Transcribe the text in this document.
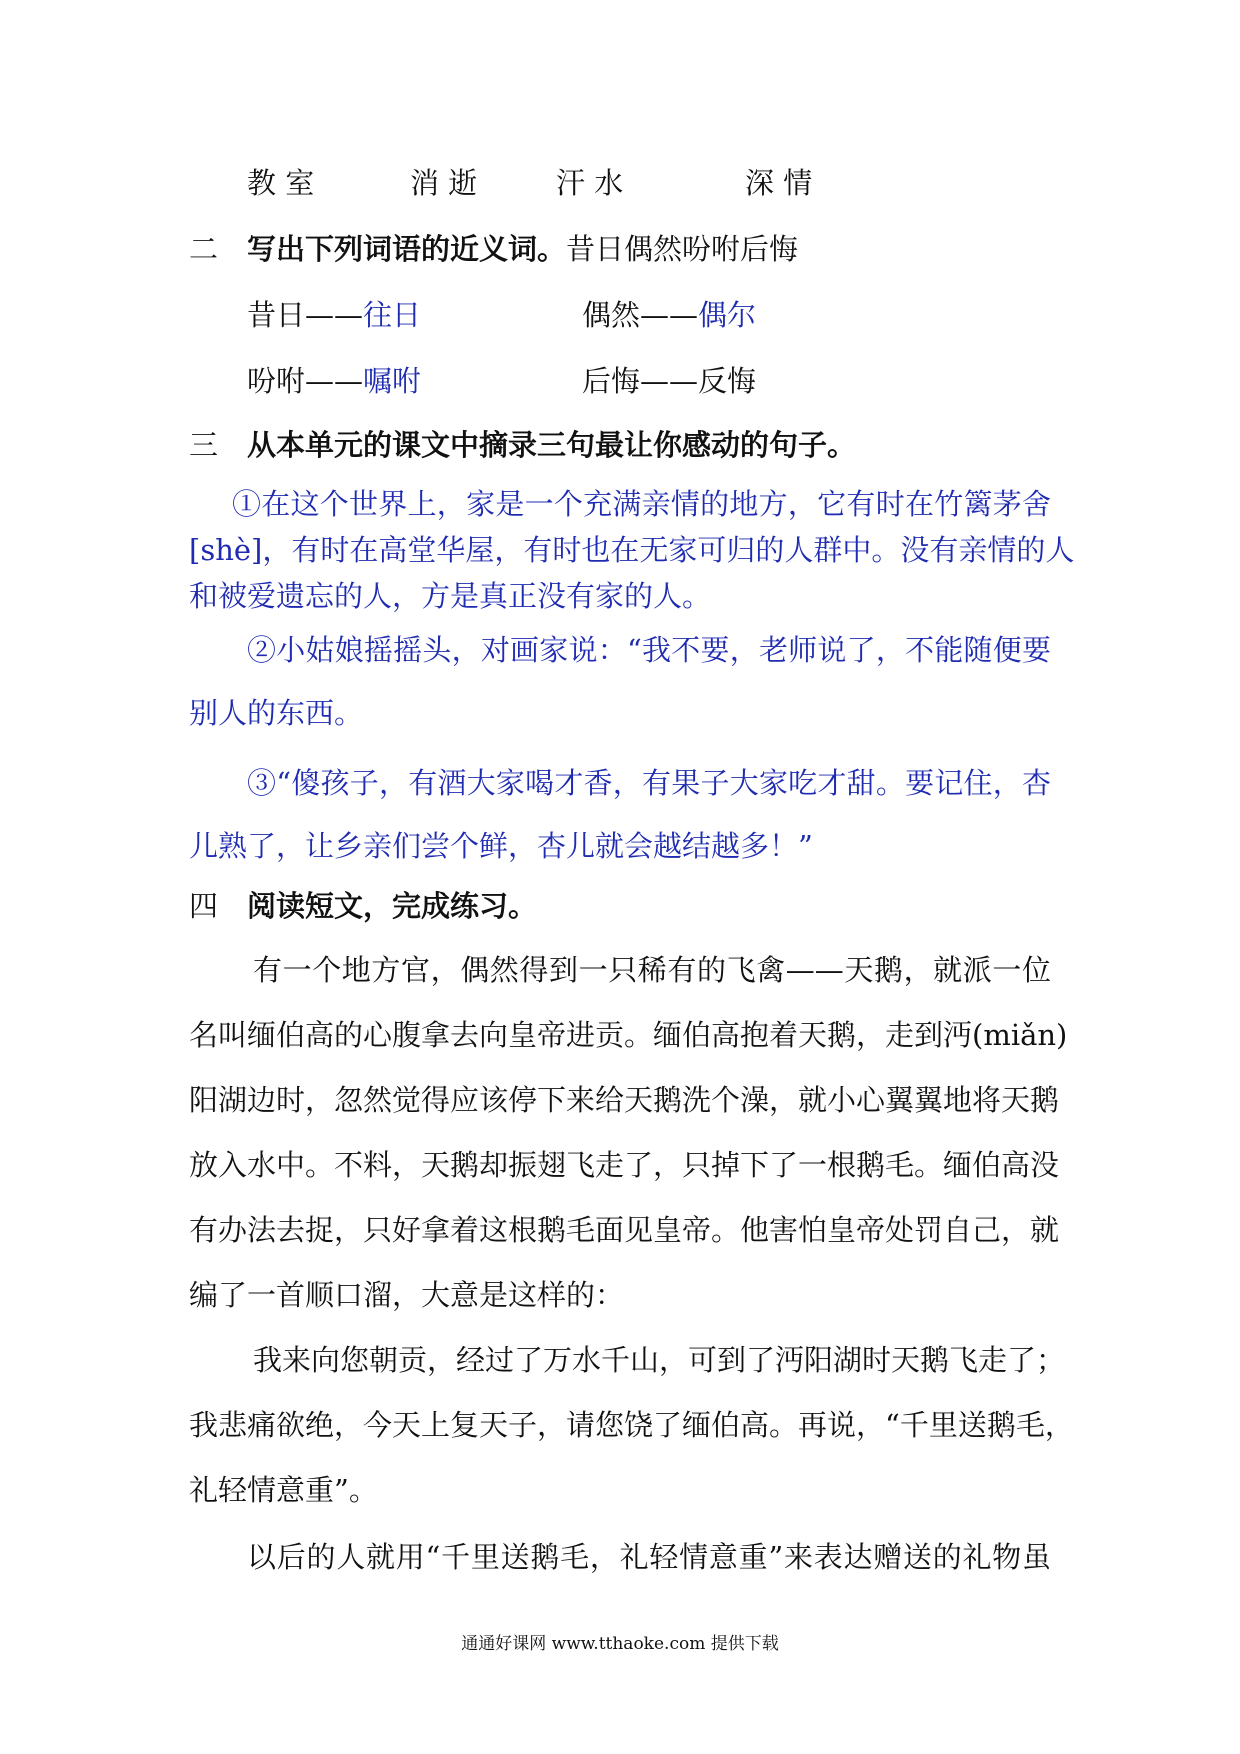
教 室	消 逝	汗 水	深 情
二 写出下列词语的近义词。昔日偶然吩咐后悔
昔日——往日	偶然——偶尔
吩咐——嘱咐	后悔——反悔
三 从本单元的课文中摘录三句最让你感动的句子。
①在这个世界上，家是一个充满亲情的地方，它有时在竹篱茅舍
[shè]，有时在高堂华屋，有时也在无家可归的人群中。没有亲情的人
和被爱遗忘的人，方是真正没有家的人。
②小姑娘摇摇头，对画家说：“我不要，老师说了，不能随便要
别人的东西。
③“傻孩子，有酒大家喝才香，有果子大家吃才甜。要记住，杏
儿熟了，让乡亲们尝个鲜，杏儿就会越结越多！”
四 阅读短文，完成练习。
有一个地方官，偶然得到一只稀有的飞禽——天鹅，就派一位
名叫缅伯高的心腹拿去向皇帝进贡。缅伯高抱着天鹅，走到沔(miǎn)
阳湖边时，忽然觉得应该停下来给天鹅洗个澡，就小心翼翼地将天鹅
放入水中。不料，天鹅却振翅飞走了，只掉下了一根鹅毛。缅伯高没
有办法去捉，只好拿着这根鹅毛面见皇帝。他害怕皇帝处罚自己，就
编了一首顺口溜，大意是这样的：
我来向您朝贡，经过了万水千山，可到了沔阳湖时天鹅飞走了；
我悲痛欲绝，今天上复天子，请您饶了缅伯高。再说，“千里送鹅毛，
礼轻情意重”。
以后的人就用“千里送鹅毛，礼轻情意重”来表达赠送的礼物虽
通通好课网 www.tthaoke.com 提供下载
